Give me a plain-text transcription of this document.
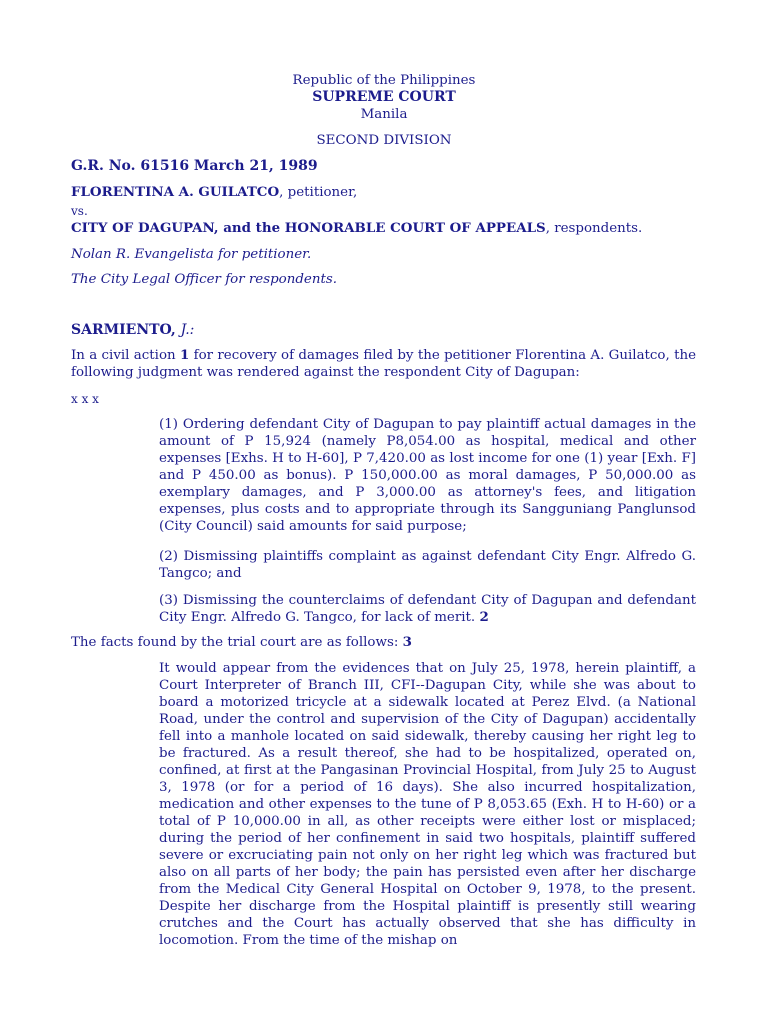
Republic of the Philippines
SUPREME COURT
Manila
SECOND DIVISION
G.R. No. 61516 March 21, 1989
FLORENTINA A. GUILATCO, petitioner,
vs.
CITY OF DAGUPAN, and the HONORABLE COURT OF APPEALS, respondents.
Nolan R. Evangelista for petitioner.
The City Legal Officer for respondents.
SARMIENTO, J.:
In a civil action 1 for recovery of damages filed by the petitioner Florentina A. Guilatco, the following judgment was rendered against the respondent City of Dagupan:
x x x
(1) Ordering defendant City of Dagupan to pay plaintiff actual damages in the amount of P 15,924 (namely P8,054.00 as hospital, medical and other expenses [Exhs. H to H-60], P 7,420.00 as lost income for one (1) year [Exh. F] and P 450.00 as bonus). P 150,000.00 as moral damages, P 50,000.00 as exemplary damages, and P 3,000.00 as attorney's fees, and litigation expenses, plus costs and to appropriate through its Sangguniang Panglunsod (City Council) said amounts for said purpose;
(2) Dismissing plaintiffs complaint as against defendant City Engr. Alfredo G. Tangco; and
(3) Dismissing the counterclaims of defendant City of Dagupan and defendant City Engr. Alfredo G. Tangco, for lack of merit. 2
The facts found by the trial court are as follows: 3
It would appear from the evidences that on July 25, 1978, herein plaintiff, a Court Interpreter of Branch III, CFI--Dagupan City, while she was about to board a motorized tricycle at a sidewalk located at Perez Elvd. (a National Road, under the control and supervision of the City of Dagupan) accidentally fell into a manhole located on said sidewalk, thereby causing her right leg to be fractured. As a result thereof, she had to be hospitalized, operated on, confined, at first at the Pangasinan Provincial Hospital, from July 25 to August 3, 1978 (or for a period of 16 days). She also incurred hospitalization, medication and other expenses to the tune of P 8,053.65 (Exh. H to H-60) or a total of P 10,000.00 in all, as other receipts were either lost or misplaced; during the period of her confinement in said two hospitals, plaintiff suffered severe or excruciating pain not only on her right leg which was fractured but also on all parts of her body; the pain has persisted even after her discharge from the Medical City General Hospital on October 9, 1978, to the present. Despite her discharge from the Hospital plaintiff is presently still wearing crutches and the Court has actually observed that she has difficulty in locomotion. From the time of the mishap on
